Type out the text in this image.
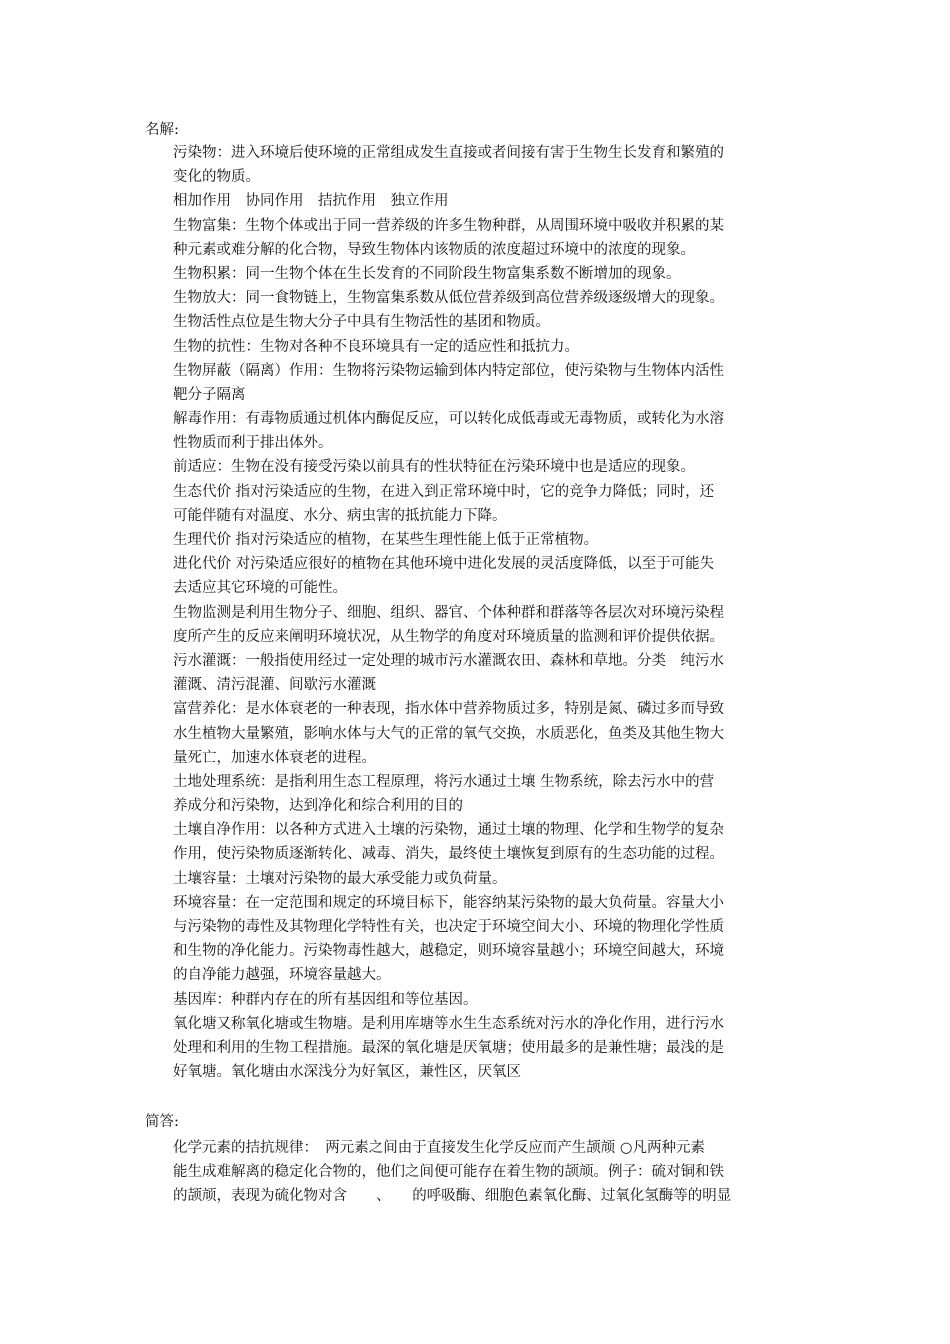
名解:
污染物：进入环境后使环境的正常组成发生直接或者间接有害于生物生长发育和繁殖的
变化的物质。
相加作用　协同作用　拮抗作用　独立作用
生物富集：生物个体或出于同一营养级的许多生物种群，从周围环境中吸收并积累的某
种元素或难分解的化合物，导致生物体内该物质的浓度超过环境中的浓度的现象。
生物积累：同一生物个体在生长发育的不同阶段生物富集系数不断增加的现象。
生物放大：同一食物链上，生物富集系数从低位营养级到高位营养级逐级增大的现象。
生物活性点位是生物大分子中具有生物活性的基团和物质。
生物的抗性：生物对各种不良环境具有一定的适应性和抵抗力。
生物屏蔽（隔离）作用：生物将污染物运输到体内特定部位，使污染物与生物体内活性
靶分子隔离
解毒作用：有毒物质通过机体内酶促反应，可以转化成低毒或无毒物质，或转化为水溶
性物质而利于排出体外。
前适应：生物在没有接受污染以前具有的性状特征在污染环境中也是适应的现象。
生态代价 指对污染适应的生物，在进入到正常环境中时，它的竞争力降低；同时，还
可能伴随有对温度、水分、病虫害的抵抗能力下降。
生理代价 指对污染适应的植物，在某些生理性能上低于正常植物。
进化代价 对污染适应很好的植物在其他环境中进化发展的灵活度降低，以至于可能失
去适应其它环境的可能性。
生物监测是利用生物分子、细胞、组织、器官、个体种群和群落等各层次对环境污染程
度所产生的反应来阐明环境状况，从生物学的角度对环境质量的监测和评价提供依据。
污水灌溉：一般指使用经过一定处理的城市污水灌溉农田、森林和草地。分类　纯污水
灌溉、清污混灌、间歇污水灌溉
富营养化：是水体衰老的一种表现，指水体中营养物质过多，特别是氮、磷过多而导致
水生植物大量繁殖，影响水体与大气的正常的氧气交换，水质恶化，鱼类及其他生物大
量死亡，加速水体衰老的进程。
土地处理系统：是指利用生态工程原理，将污水通过土壤 生物系统，除去污水中的营
养成分和污染物，达到净化和综合利用的目的
土壤自净作用：以各种方式进入土壤的污染物，通过土壤的物理、化学和生物学的复杂
作用，使污染物质逐渐转化、减毒、消失，最终使土壤恢复到原有的生态功能的过程。
土壤容量：土壤对污染物的最大承受能力或负荷量。
环境容量：在一定范围和规定的环境目标下，能容纳某污染物的最大负荷量。容量大小
与污染物的毒性及其物理化学特性有关，也决定于环境空间大小、环境的物理化学性质
和生物的净化能力。污染物毒性越大，越稳定，则环境容量越小；环境空间越大，环境
的自净能力越强，环境容量越大。
基因库：种群内存在的所有基因组和等位基因。
氧化塘又称氧化塘或生物塘。是利用库塘等水生生态系统对污水的净化作用，进行污水
处理和利用的生物工程措施。最深的氧化塘是厌氧塘；使用最多的是兼性塘；最浅的是
好氧塘。氧化塘由水深浅分为好氧区，兼性区，厌氧区
简答:
化学元素的拮抗规律：　两元素之间由于直接发生化学反应而产生颉颃 ○凡两种元素
能生成难解离的稳定化合物的，他们之间便可能存在着生物的颉颃。例子：硫对铜和铁
的颉颃，表现为硫化物对含　　、　　的呼吸酶、细胞色素氧化酶、过氧化氢酶等的明显
